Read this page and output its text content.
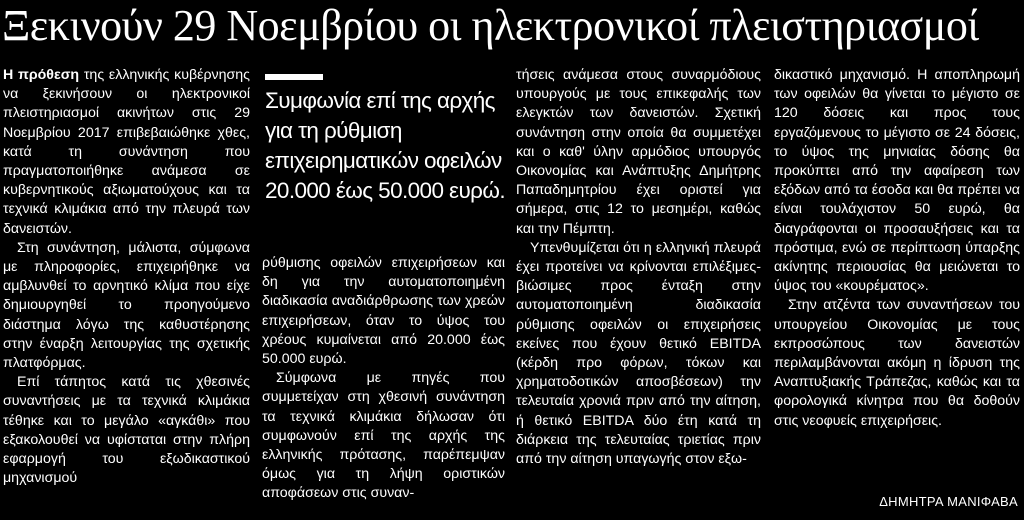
Ξεκινούν 29 Νοεμβρίου οι ηλεκτρονικοί πλειστηριασμοί

Η πρόθεση της ελληνικής κυβέρνησης να ξεκινήσουν οι ηλεκτρονικοί πλειστηριασμοί ακινήτων στις 29 Νοεμβρίου 2017 επιβεβαιώθηκε χθες, κατά τη συνάντηση που πραγματοποιήθηκε ανάμεσα σε κυβερνητικούς αξιωματούχους και τα τεχνικά κλιμάκια από την πλευρά των δανειστών.

Στη συνάντηση, μάλιστα, σύμφωνα με πληροφορίες, επιχειρήθηκε να αμβλυνθεί το αρνητικό κλίμα που είχε δημιουργηθεί το προηγούμενο διάστημα λόγω της καθυστέρησης στην έναρξη λειτουργίας της σχετικής πλατφόρμας.

Επί τάπητος κατά τις χθεσινές συναντήσεις με τα τεχνικά κλιμάκια τέθηκε και το μεγάλο «αγκάθι» που εξακολουθεί να υφίσταται στην πλήρη εφαρμογή του εξωδικαστικού μηχανισμού

Συμφωνία επί της αρχής για τη ρύθμιση επιχειρηματικών οφειλών 20.000 έως 50.000 ευρώ.

ρύθμισης οφειλών επιχειρήσεων και δη για την αυτοματοποιημένη διαδικασία αναδιάρθρωσης των χρεών επιχειρήσεων, όταν το ύψος του χρέους κυμαίνεται από 20.000 έως 50.000 ευρώ.

Σύμφωνα με πηγές που συμμετείχαν στη χθεσινή συνάντηση τα τεχνικά κλιμάκια δήλωσαν ότι συμφωνούν επί της αρχής της ελληνικής πρότασης, παρέπεμψαν όμως για τη λήψη οριστικών αποφάσεων στις συναν-

τήσεις ανάμεσα στους συναρμόδιους υπουργούς με τους επικεφαλής των ελεγκτών των δανειστών. Σχετική συνάντηση στην οποία θα συμμετέχει και ο καθ' ύλην αρμόδιος υπουργός Οικονομίας και Ανάπτυξης Δημήτρης Παπαδημητρίου έχει οριστεί για σήμερα, στις 12 το μεσημέρι, καθώς και την Πέμπτη.

Υπενθυμίζεται ότι η ελληνική πλευρά έχει προτείνει να κρίνονται επιλέξιμες-βιώσιμες προς ένταξη στην αυτοματοποιημένη διαδικασία ρύθμισης οφειλών οι επιχειρήσεις εκείνες που έχουν θετικό EBITDA (κέρδη προ φόρων, τόκων και χρηματοδοτικών αποσβέσεων) την τελευταία χρονιά πριν από την αίτηση, ή θετικό EBITDA δύο έτη κατά τη διάρκεια της τελευταίας τριετίας πριν από την αίτηση υπαγωγής στον εξω-

δικαστικό μηχανισμό. Η αποπληρωμή των οφειλών θα γίνεται το μέγιστο σε 120 δόσεις και προς τους εργαζόμενους το μέγιστο σε 24 δόσεις, το ύψος της μηνιαίας δόσης θα προκύπτει από την αφαίρεση των εξόδων από τα έσοδα και θα πρέπει να είναι τουλάχιστον 50 ευρώ, θα διαγράφονται οι προσαυξήσεις και τα πρόστιμα, ενώ σε περίπτωση ύπαρξης ακίνητης περιουσίας θα μειώνεται το ύψος του «κουρέματος».

Στην ατζέντα των συναντήσεων του υπουργείου Οικονομίας με τους εκπροσώπους των δανειστών περιλαμβάνονται ακόμη η ίδρυση της Αναπτυξιακής Τράπεζας, καθώς και τα φορολογικά κίνητρα που θα δοθούν στις νεοφυείς επιχειρήσεις.

ΔΗΜΗΤΡΑ ΜΑΝΙΦΑΒΑ
